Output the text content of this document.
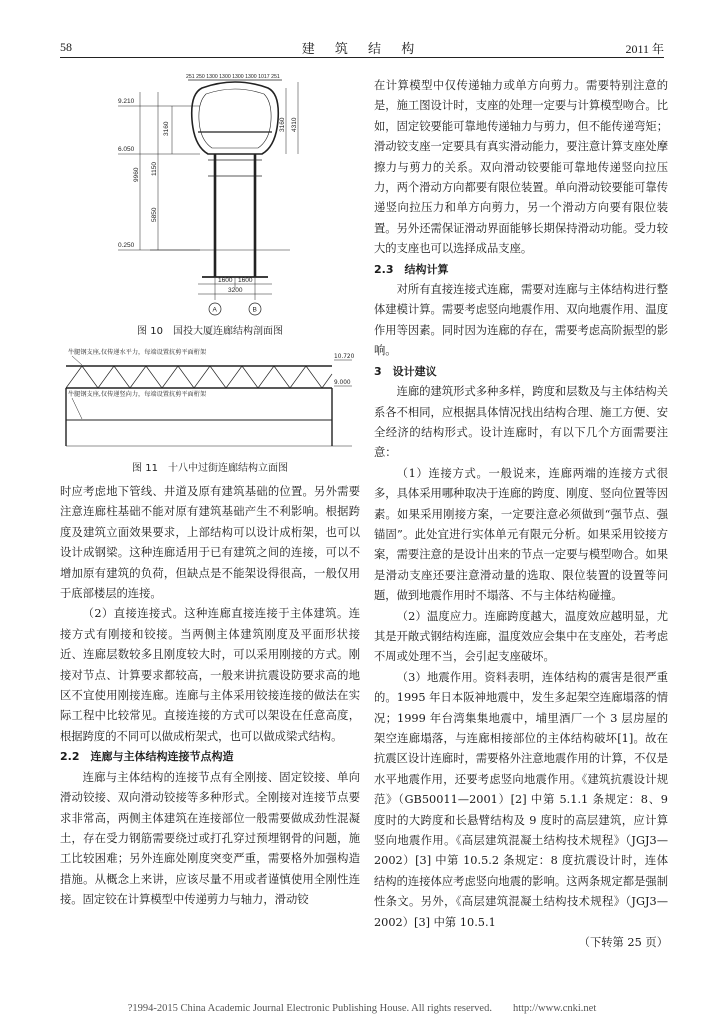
58	建 筑 结 构	2011 年
251 250 1300 1300 1300 1300 1017 251
9.210
6.050
0.250
3160
1150
9960
5850
3160 4310
1600 1600
3200
A	B
图 10　国投大厦连廊结构剖面图
牛腿钢支座,仅传递水平力，每端设置抗剪平面桁架
牛腿钢支座,仅传递竖向力，每端设置抗剪平面桁架
10.720
9.000
图 11　十八中过街连廊结构立面图

时应考虑地下管线、井道及原有建筑基础的位置。另外需要注意连廊柱基础不能对原有建筑基础产生不利影响。根据跨度及建筑立面效果要求，上部结构可以设计成桁架，也可以设计成钢梁。这种连廊适用于已有建筑之间的连接，可以不增加原有建筑的负荷，但缺点是不能架设得很高，一般仅用于底部楼层的连接。

（2）直接连接式。这种连廊直接连接于主体建筑。连接方式有刚接和铰接。当两侧主体建筑刚度及平面形状接近、连廊层数较多且刚度较大时，可以采用刚接的方式。刚接对节点、计算要求都较高，一般来讲抗震设防要求高的地区不宜使用刚接连廊。连廊与主体采用铰接连接的做法在实际工程中比较常见。直接连接的方式可以架设在任意高度，根据跨度的不同可以做成桁架式，也可以做成梁式结构。

2.2　连廊与主体结构连接节点构造

连廊与主体结构的连接节点有全刚接、固定铰接、单向滑动铰接、双向滑动铰接等多种形式。全刚接对连接节点要求非常高，两侧主体建筑在连接部位一般需要做成劲性混凝土，存在受力钢筋需要绕过或打孔穿过预埋钢骨的问题，施工比较困难；另外连廊处刚度突变严重，需要格外加强构造措施。从概念上来讲，应该尽量不用或者谨慎使用全刚性连接。固定铰在计算模型中传递剪力与轴力，滑动铰

在计算模型中仅传递轴力或单方向剪力。需要特别注意的是，施工图设计时，支座的处理一定要与计算模型吻合。比如，固定铰要能可靠地传递轴力与剪力，但不能传递弯矩；滑动铰支座一定要具有真实滑动能力，要注意计算支座处摩擦力与剪力的关系。双向滑动铰要能可靠地传递竖向拉压力，两个滑动方向都要有限位装置。单向滑动铰要能可靠传递竖向拉压力和单方向剪力，另一个滑动方向要有限位装置。另外还需保证滑动界面能够长期保持滑动功能。受力较大的支座也可以选择成品支座。

2.3　结构计算

对所有直接连接式连廊，需要对连廊与主体结构进行整体建模计算。需要考虑竖向地震作用、双向地震作用、温度作用等因素。同时因为连廊的存在，需要考虑高阶振型的影响。

3　设计建议

连廊的建筑形式多种多样，跨度和层数及与主体结构关系各不相同，应根据具体情况找出结构合理、施工方便、安全经济的结构形式。设计连廊时，有以下几个方面需要注意：

（1）连接方式。一般说来，连廊两端的连接方式很多，具体采用哪种取决于连廊的跨度、刚度、竖向位置等因素。如果采用刚接方案，一定要注意必须做到“强节点、强锚固”。此处宜进行实体单元有限元分析。如果采用铰接方案，需要注意的是设计出来的节点一定要与模型吻合。如果是滑动支座还要注意滑动量的选取、限位装置的设置等问题，做到地震作用时不塌落、不与主体结构碰撞。

（2）温度应力。连廊跨度越大，温度效应越明显，尤其是开敞式钢结构连廊，温度效应会集中在支座处，若考虑不周或处理不当，会引起支座破坏。

（3）地震作用。资料表明，连体结构的震害是很严重的。1995 年日本阪神地震中，发生多起架空连廊塌落的情况；1999 年台湾集集地震中，埔里酒厂一个 3 层房屋的架空连廊塌落，与连廊相接部位的主体结构破坏[1]。故在抗震区设计连廊时，需要格外注意地震作用的计算，不仅是水平地震作用，还要考虑竖向地震作用。《建筑抗震设计规范》（GB50011—2001）[2] 中第 5.1.1 条规定：8、9 度时的大跨度和长悬臂结构及 9 度时的高层建筑，应计算竖向地震作用。《高层建筑混凝土结构技术规程》（JGJ3—2002）[3] 中第 10.5.2 条规定：8 度抗震设计时，连体结构的连接体应考虑竖向地震的影响。这两条规定都是强制性条文。另外，《高层建筑混凝土结构技术规程》（JGJ3—2002）[3] 中第 10.5.1

（下转第 25 页）

?1994-2015 China Academic Journal Electronic Publishing House. All rights reserved.　　http://www.cnki.net
